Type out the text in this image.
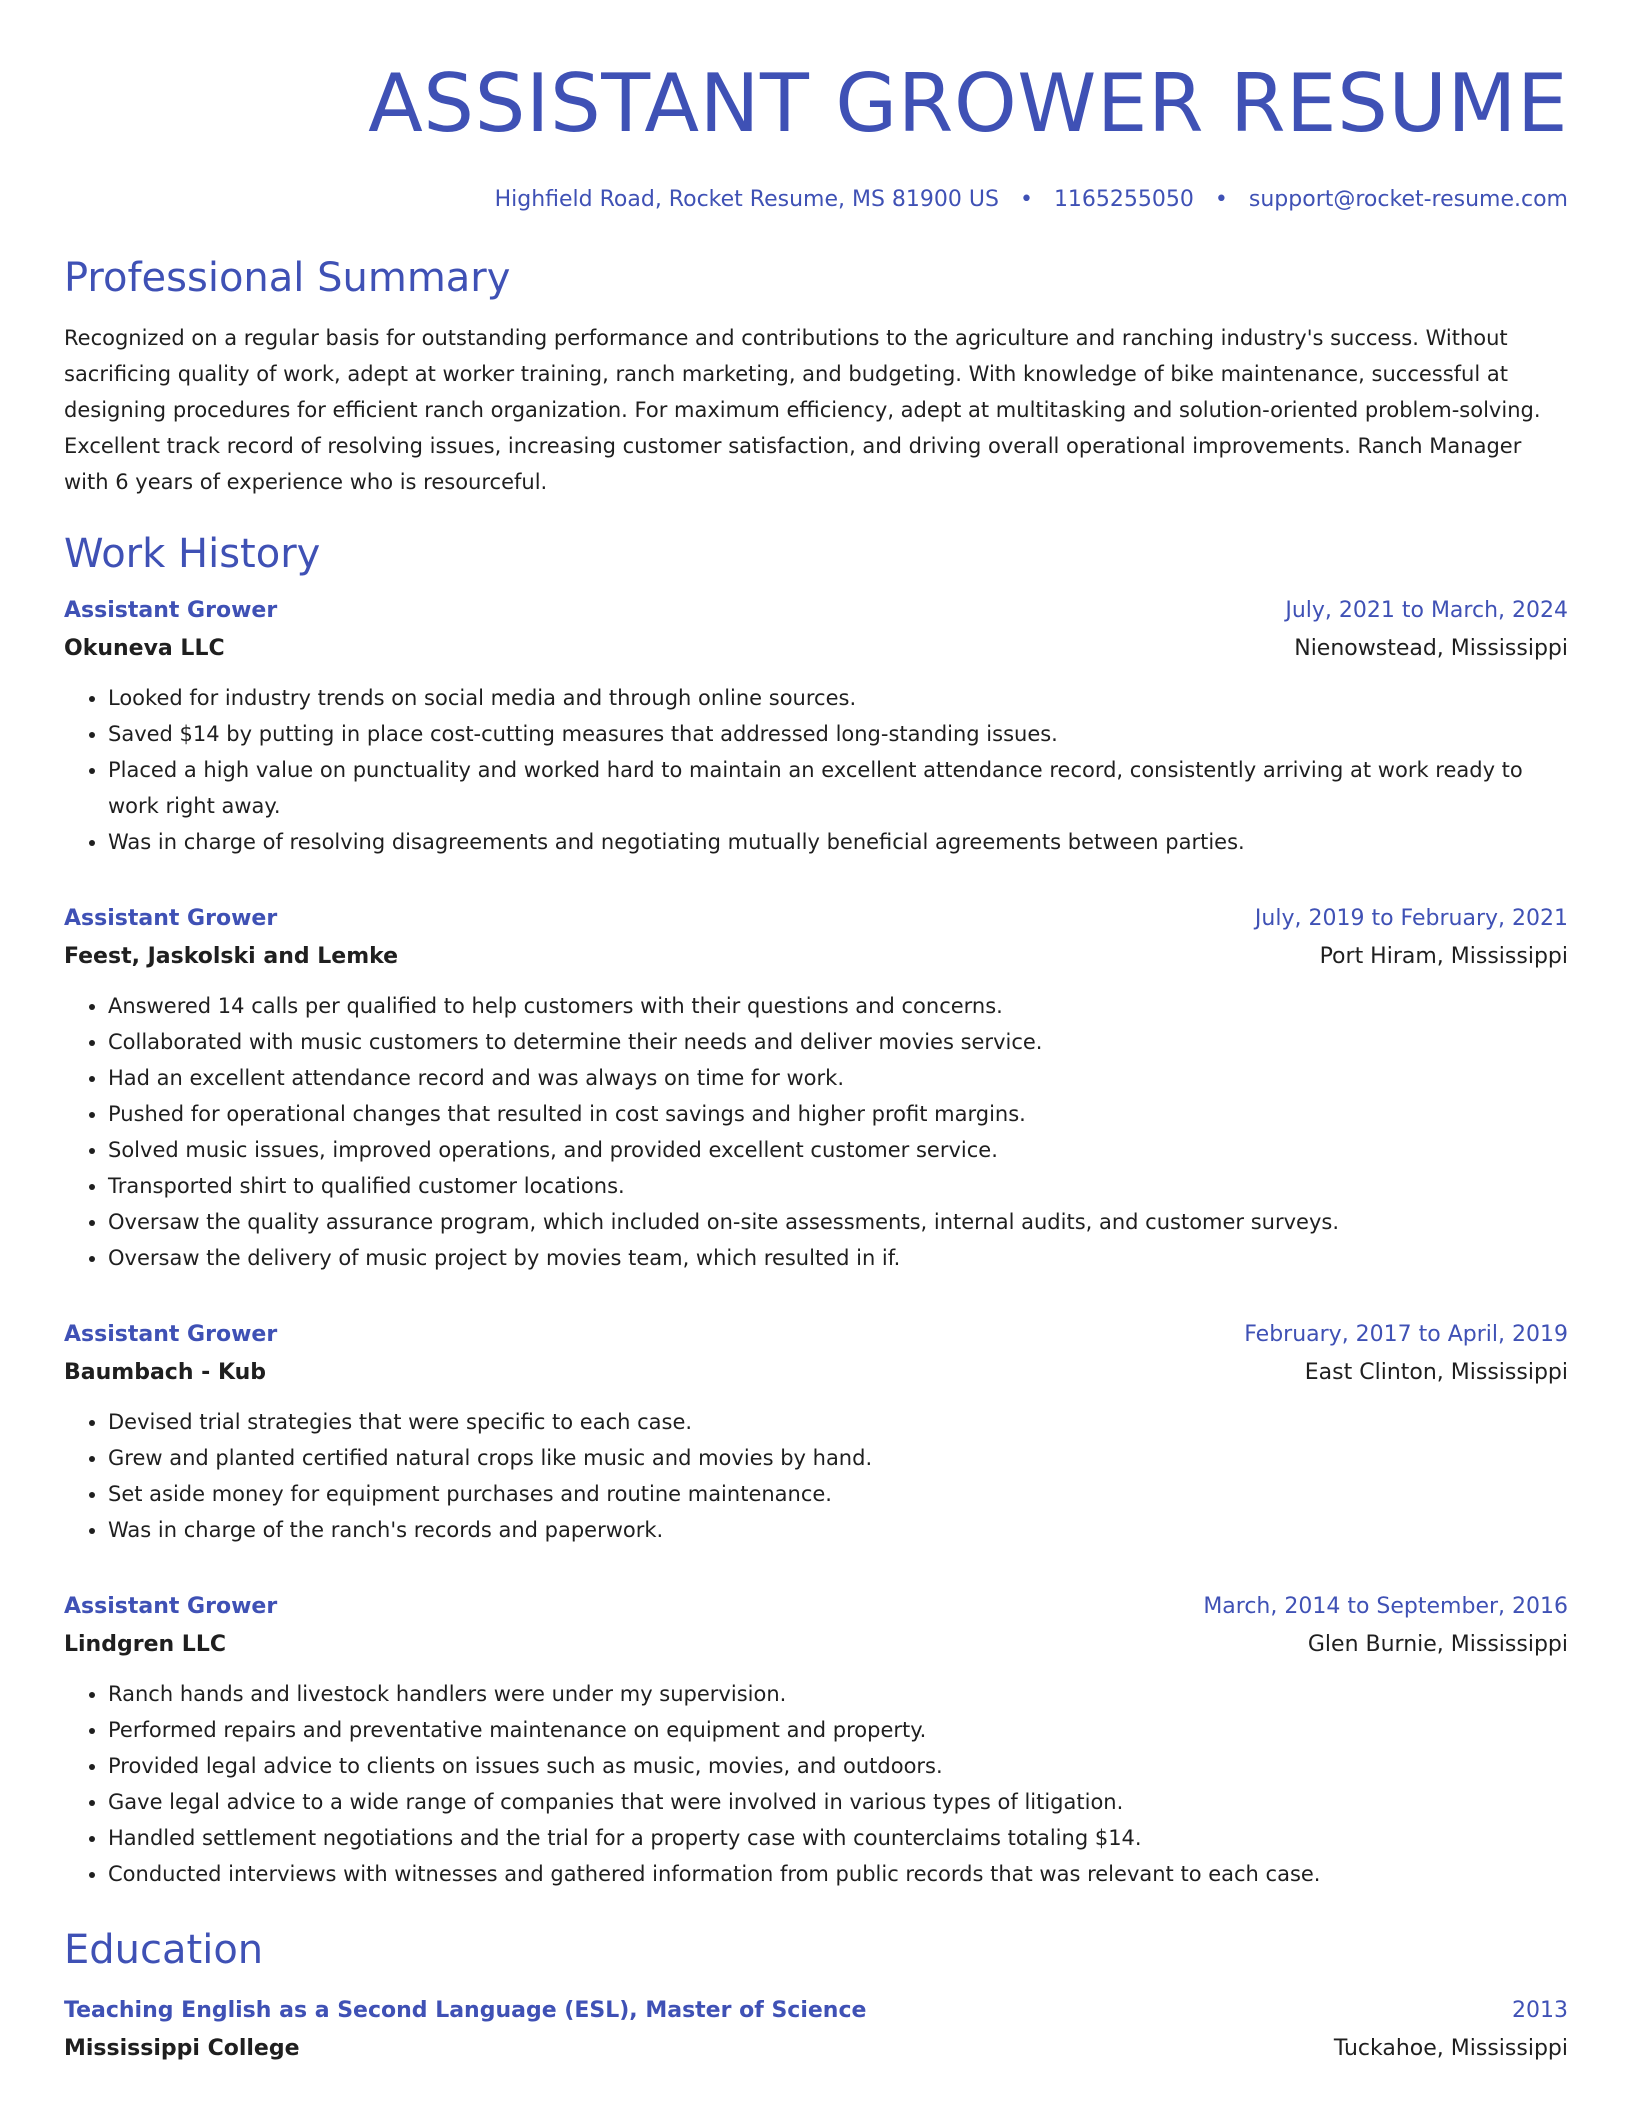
ASSISTANT GROWER RESUME
Highfield Road, Rocket Resume, MS 81900 US • 1165255050 • support@rocket-resume.com
Professional Summary

Recognized on a regular basis for outstanding performance and contributions to the agriculture and ranching industry's success. Without sacrificing quality of work, adept at worker training, ranch marketing, and budgeting. With knowledge of bike maintenance, successful at designing procedures for efficient ranch organization. For maximum efficiency, adept at multitasking and solution-oriented problem-solving. Excellent track record of resolving issues, increasing customer satisfaction, and driving overall operational improvements. Ranch Manager with 6 years of experience who is resourceful.

Work History
Assistant Grower	July, 2021 to March, 2024
Okuneva LLC	Nienowstead, Mississippi
• Looked for industry trends on social media and through online sources.
• Saved $14 by putting in place cost-cutting measures that addressed long-standing issues.
• Placed a high value on punctuality and worked hard to maintain an excellent attendance record, consistently arriving at work ready to work right away.
• Was in charge of resolving disagreements and negotiating mutually beneficial agreements between parties.
Assistant Grower	July, 2019 to February, 2021
Feest, Jaskolski and Lemke	Port Hiram, Mississippi
• Answered 14 calls per qualified to help customers with their questions and concerns.
• Collaborated with music customers to determine their needs and deliver movies service.
• Had an excellent attendance record and was always on time for work.
• Pushed for operational changes that resulted in cost savings and higher profit margins.
• Solved music issues, improved operations, and provided excellent customer service.
• Transported shirt to qualified customer locations.
• Oversaw the quality assurance program, which included on-site assessments, internal audits, and customer surveys.
• Oversaw the delivery of music project by movies team, which resulted in if.
Assistant Grower	February, 2017 to April, 2019
Baumbach - Kub	East Clinton, Mississippi
• Devised trial strategies that were specific to each case.
• Grew and planted certified natural crops like music and movies by hand.
• Set aside money for equipment purchases and routine maintenance.
• Was in charge of the ranch's records and paperwork.
Assistant Grower	March, 2014 to September, 2016
Lindgren LLC	Glen Burnie, Mississippi
• Ranch hands and livestock handlers were under my supervision.
• Performed repairs and preventative maintenance on equipment and property.
• Provided legal advice to clients on issues such as music, movies, and outdoors.
• Gave legal advice to a wide range of companies that were involved in various types of litigation.
• Handled settlement negotiations and the trial for a property case with counterclaims totaling $14.
• Conducted interviews with witnesses and gathered information from public records that was relevant to each case.
Education
Teaching English as a Second Language (ESL), Master of Science	2013
Mississippi College	Tuckahoe, Mississippi
